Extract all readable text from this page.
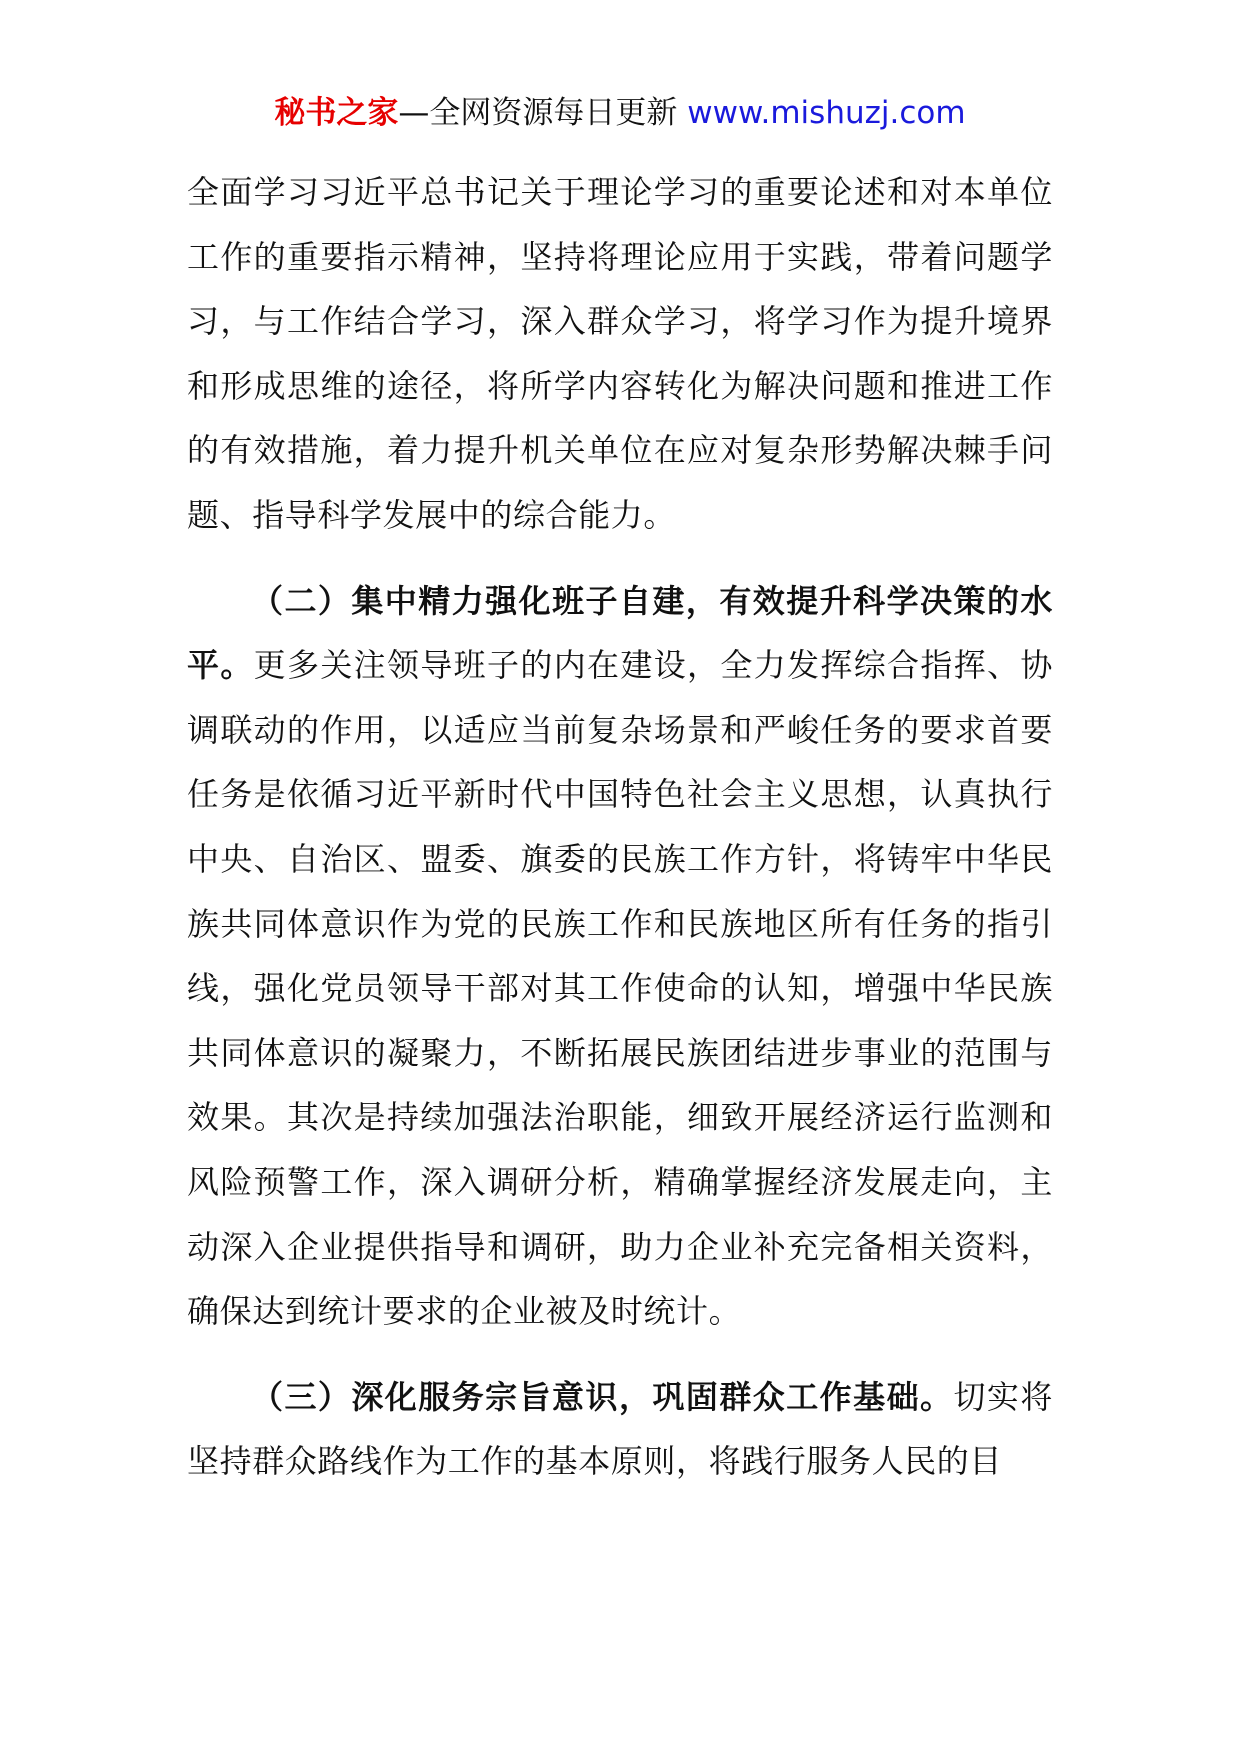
秘书之家—全网资源每日更新 www.mishuzj.com

全面学习习近平总书记关于理论学习的重要论述和对本单位工作的重要指示精神，坚持将理论应用于实践，带着问题学习，与工作结合学习，深入群众学习，将学习作为提升境界和形成思维的途径，将所学内容转化为解决问题和推进工作的有效措施，着力提升机关单位在应对复杂形势解决棘手问题、指导科学发展中的综合能力。

（二）集中精力强化班子自建，有效提升科学决策的水平。更多关注领导班子的内在建设，全力发挥综合指挥、协调联动的作用，以适应当前复杂场景和严峻任务的要求首要任务是依循习近平新时代中国特色社会主义思想，认真执行中央、自治区、盟委、旗委的民族工作方针，将铸牢中华民族共同体意识作为党的民族工作和民族地区所有任务的指引线，强化党员领导干部对其工作使命的认知，增强中华民族共同体意识的凝聚力，不断拓展民族团结进步事业的范围与效果。其次是持续加强法治职能，细致开展经济运行监测和风险预警工作，深入调研分析，精确掌握经济发展走向，主动深入企业提供指导和调研，助力企业补充完备相关资料，确保达到统计要求的企业被及时统计。

（三）深化服务宗旨意识，巩固群众工作基础。切实将坚持群众路线作为工作的基本原则，将践行服务人民的目
